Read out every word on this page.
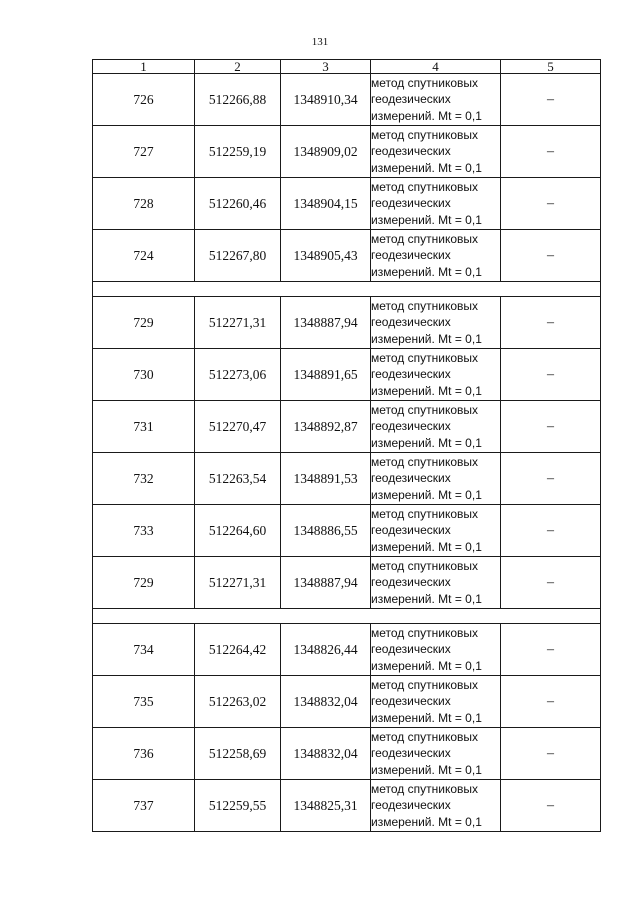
131
1	2	3	4	5
726	512266,88	1348910,34	метод спутниковых
геодезических
измерений. Mt = 0,1	–
727	512259,19	1348909,02	метод спутниковых
геодезических
измерений. Mt = 0,1	–
728	512260,46	1348904,15	метод спутниковых
геодезических
измерений. Mt = 0,1	–
724	512267,80	1348905,43	метод спутниковых
геодезических
измерений. Mt = 0,1	–

729	512271,31	1348887,94	метод спутниковых
геодезических
измерений. Mt = 0,1	–
730	512273,06	1348891,65	метод спутниковых
геодезических
измерений. Mt = 0,1	–
731	512270,47	1348892,87	метод спутниковых
геодезических
измерений. Mt = 0,1	–
732	512263,54	1348891,53	метод спутниковых
геодезических
измерений. Mt = 0,1	–
733	512264,60	1348886,55	метод спутниковых
геодезических
измерений. Mt = 0,1	–
729	512271,31	1348887,94	метод спутниковых
геодезических
измерений. Mt = 0,1	–

734	512264,42	1348826,44	метод спутниковых
геодезических
измерений. Mt = 0,1	–
735	512263,02	1348832,04	метод спутниковых
геодезических
измерений. Mt = 0,1	–
736	512258,69	1348832,04	метод спутниковых
геодезических
измерений. Mt = 0,1	–
737	512259,55	1348825,31	метод спутниковых
геодезических
измерений. Mt = 0,1	–
